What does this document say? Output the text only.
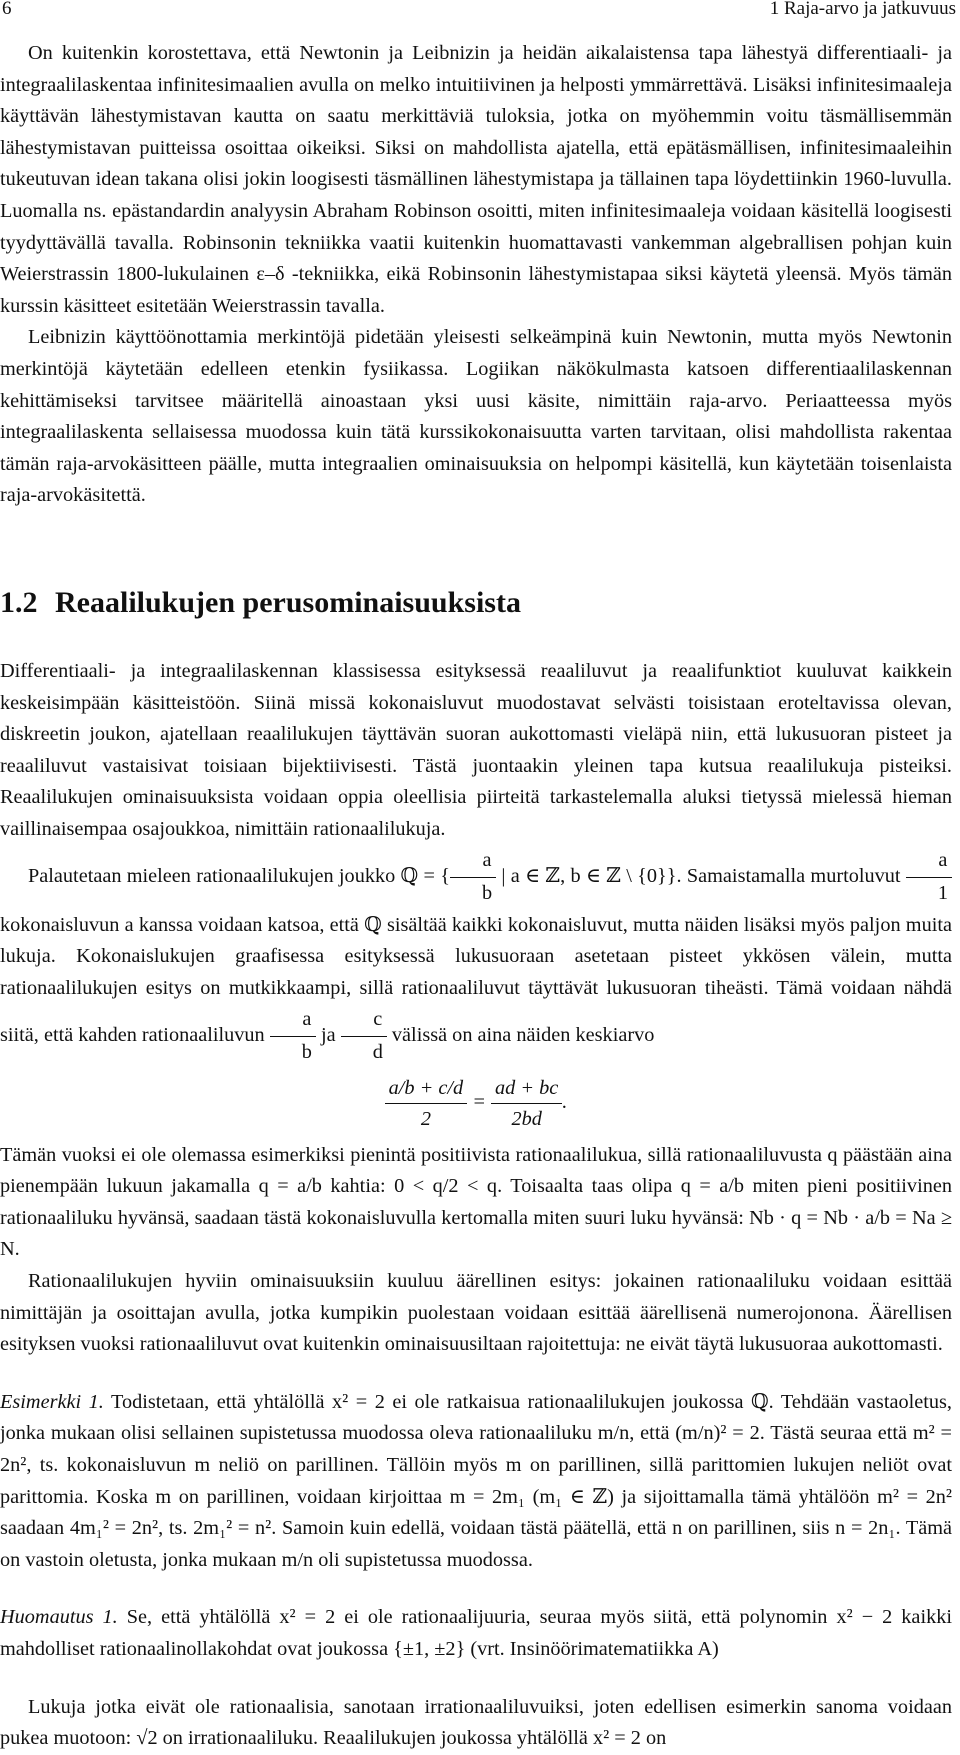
6	1 Raja-arvo ja jatkuvuus

On kuitenkin korostettava, että Newtonin ja Leibnizin ja heidän aikalaistensa tapa lähestyä differentiaali- ja integraalilaskentaa infinitesimaalien avulla on melko intuitiivinen ja helposti ymmärrettävä. Lisäksi infinitesimaaleja käyttävän lähestymistavan kautta on saatu merkittäviä tuloksia, jotka on myöhemmin voitu täsmällisemmän lähestymistavan puitteissa osoittaa oikeiksi. Siksi on mahdollista ajatella, että epätäsmällisen, infinitesimaaleihin tukeutuvan idean takana olisi jokin loogisesti täsmällinen lähestymistapa ja tällainen tapa löydettiinkin 1960-luvulla. Luomalla ns. epästandardin analyysin Abraham Robinson osoitti, miten infinitesimaaleja voidaan käsitellä loogisesti tyydyttävällä tavalla. Robinsonin tekniikka vaatii kuitenkin huomattavasti vankemman algebrallisen pohjan kuin Weierstrassin 1800-lukulainen ε–δ -tekniikka, eikä Robinsonin lähestymistapaa siksi käytetä yleensä. Myös tämän kurssin käsitteet esitetään Weierstrassin tavalla.

Leibnizin käyttöönottamia merkintöjä pidetään yleisesti selkeämpinä kuin Newtonin, mutta myös Newtonin merkintöjä käytetään edelleen etenkin fysiikassa. Logiikan näkökulmasta katsoen differentiaalilaskennan kehittämiseksi tarvitsee määritellä ainoastaan yksi uusi käsite, nimittäin raja-arvo. Periaatteessa myös integraalilaskenta sellaisessa muodossa kuin tätä kurssikokonaisuutta varten tarvitaan, olisi mahdollista rakentaa tämän raja-arvokäsitteen päälle, mutta integraalien ominaisuuksia on helpompi käsitellä, kun käytetään toisenlaista raja-arvokäsitettä.

1.2 Reaalilukujen perusominaisuuksista

Differentiaali- ja integraalilaskennan klassisessa esityksessä reaaliluvut ja reaalifunktiot kuuluvat kaikkein keskeisimpään käsitteistöön. Siinä missä kokonaisluvut muodostavat selvästi toisistaan eroteltavissa olevan, diskreetin joukon, ajatellaan reaalilukujen täyttävän suoran aukottomasti vieläpä niin, että lukusuoran pisteet ja reaaliluvut vastaisivat toisiaan bijektiivisesti. Tästä juontaakin yleinen tapa kutsua reaalilukuja pisteiksi. Reaalilukujen ominaisuuksista voidaan oppia oleellisia piirteitä tarkastelemalla aluksi tietyssä mielessä hieman vaillinaisempaa osajoukkoa, nimittäin rationaalilukuja.

Palautetaan mieleen rationaalilukujen joukko ℚ = { $\frac{a}{b}$ | a ∈ ℤ, b ∈ ℤ \ {0}}. Samaistamalla murtoluvut $\frac{a}{1}$
kokonaisluvun a kanssa voidaan katsoa, että ℚ sisältää kaikki kokonaisluvut, mutta näiden lisäksi myös paljon muita lukuja. Kokonaislukujen graafisessa esityksessä lukusuoraan asetetaan pisteet ykkösen välein, mutta rationaalilukujen esitys on mutkikkaampi, sillä rationaaliluvut täyttävät lukusuoran tiheästi. Tämä voidaan nähdä siitä, että kahden rationaaliluvun $\frac{a}{b}$ ja $\frac{c}{d}$ välissä on aina näiden keskiarvo

$\frac{a/b + c/d}{2} = \frac{ad + bc}{2bd}$ .

Tämän vuoksi ei ole olemassa esimerkiksi pienintä positiivista rationaalilukua, sillä rationaaliluvusta q päästään aina pienempään lukuun jakamalla q = a/b kahtia: 0 < q/2 < q. Toisaalta taas olipa q = a/b miten pieni positiivinen rationaaliluku hyvänsä, saadaan tästä kokonaisluvulla kertomalla miten suuri luku hyvänsä: Nb · q = Nb · a/b = Na ≥ N.

Rationaalilukujen hyviin ominaisuuksiin kuuluu äärellinen esitys: jokainen rationaaliluku voidaan esittää nimittäjän ja osoittajan avulla, jotka kumpikin puolestaan voidaan esittää äärellisenä numerojonona. Äärellisen esityksen vuoksi rationaaliluvut ovat kuitenkin ominaisuusiltaan rajoitettuja: ne eivät täytä lukusuoraa aukottomasti.

Esimerkki 1. Todistetaan, että yhtälöllä x² = 2 ei ole ratkaisua rationaalilukujen joukossa ℚ. Tehdään vastaoletus, jonka mukaan olisi sellainen supistetussa muodossa oleva rationaaliluku m/n, että (m/n)² = 2. Tästä seuraa että m² = 2n², ts. kokonaisluvun m neliö on parillinen. Tällöin myös m on parillinen, sillä parittomien lukujen neliöt ovat parittomia. Koska m on parillinen, voidaan kirjoittaa m = 2m₁ (m₁ ∈ ℤ) ja sijoittamalla tämä yhtälöön m² = 2n² saadaan 4m₁² = 2n², ts. 2m₁² = n². Samoin kuin edellä, voidaan tästä päätellä, että n on parillinen, siis n = 2n₁. Tämä on vastoin oletusta, jonka mukaan m/n oli supistetussa muodossa.

Huomautus 1. Se, että yhtälöllä x² = 2 ei ole rationaalijuuria, seuraa myös siitä, että polynomin x² − 2 kaikki mahdolliset rationaalinollakohdat ovat joukossa {±1, ±2} (vrt. Insinöörimatematiikka A)

Lukuja jotka eivät ole rationaalisia, sanotaan irrationaaliluvuiksi, joten edellisen esimerkin sanoma voidaan pukea muotoon: √2 on irrationaaliluku. Reaalilukujen joukossa yhtälöllä x² = 2 on
